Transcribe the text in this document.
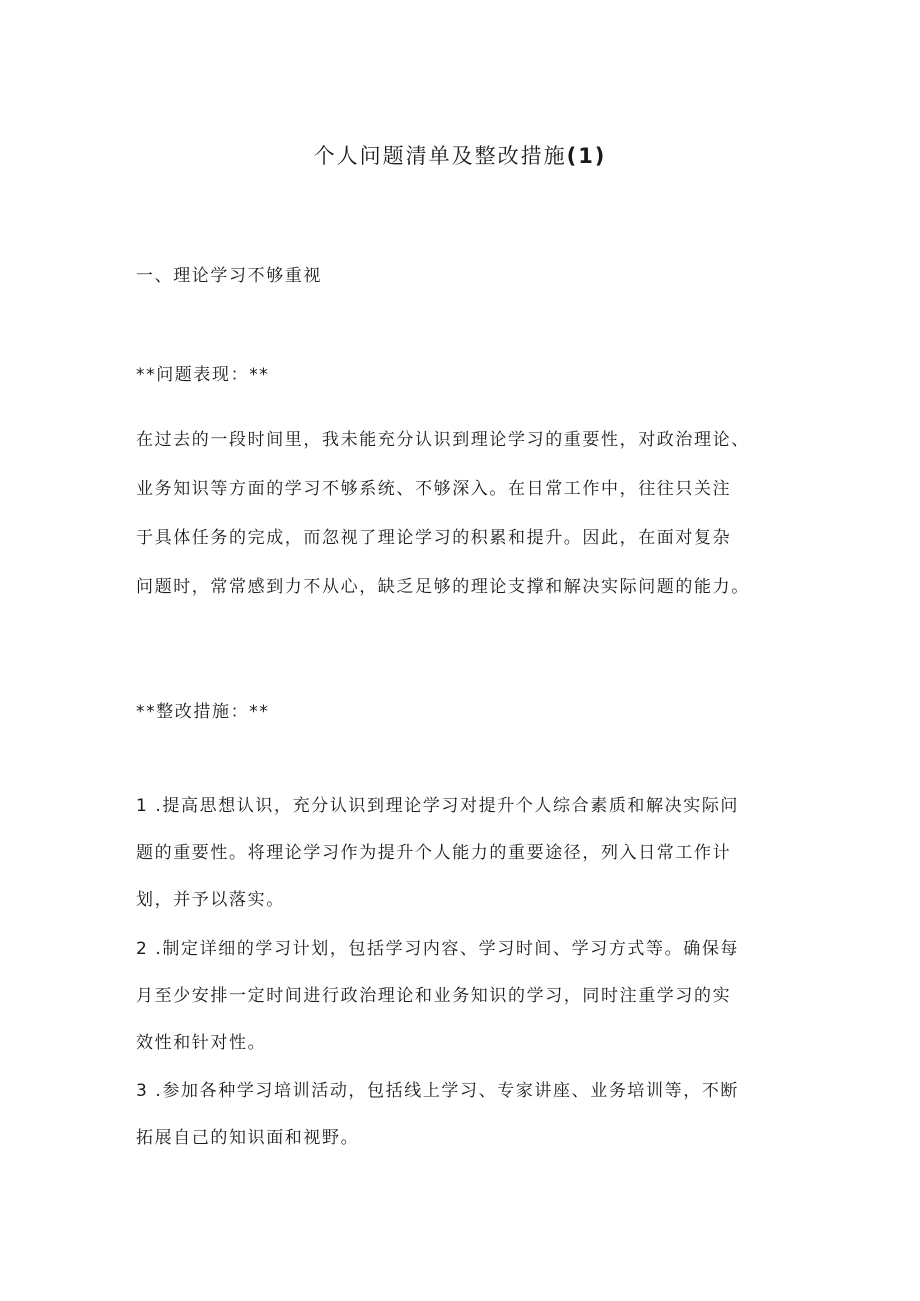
个人问题清单及整改措施(1)
一、理论学习不够重视
**问题表现：**
在过去的一段时间里，我未能充分认识到理论学习的重要性，对政治理论、
业务知识等方面的学习不够系统、不够深入。在日常工作中，往往只关注
于具体任务的完成，而忽视了理论学习的积累和提升。因此，在面对复杂
问题时，常常感到力不从心，缺乏足够的理论支撑和解决实际问题的能力。
**整改措施：**
1 .提高思想认识，充分认识到理论学习对提升个人综合素质和解决实际问
题的重要性。将理论学习作为提升个人能力的重要途径，列入日常工作计
划，并予以落实。
2 .制定详细的学习计划，包括学习内容、学习时间、学习方式等。确保每
月至少安排一定时间进行政治理论和业务知识的学习，同时注重学习的实
效性和针对性。
3 .参加各种学习培训活动，包括线上学习、专家讲座、业务培训等，不断
拓展自己的知识面和视野。
